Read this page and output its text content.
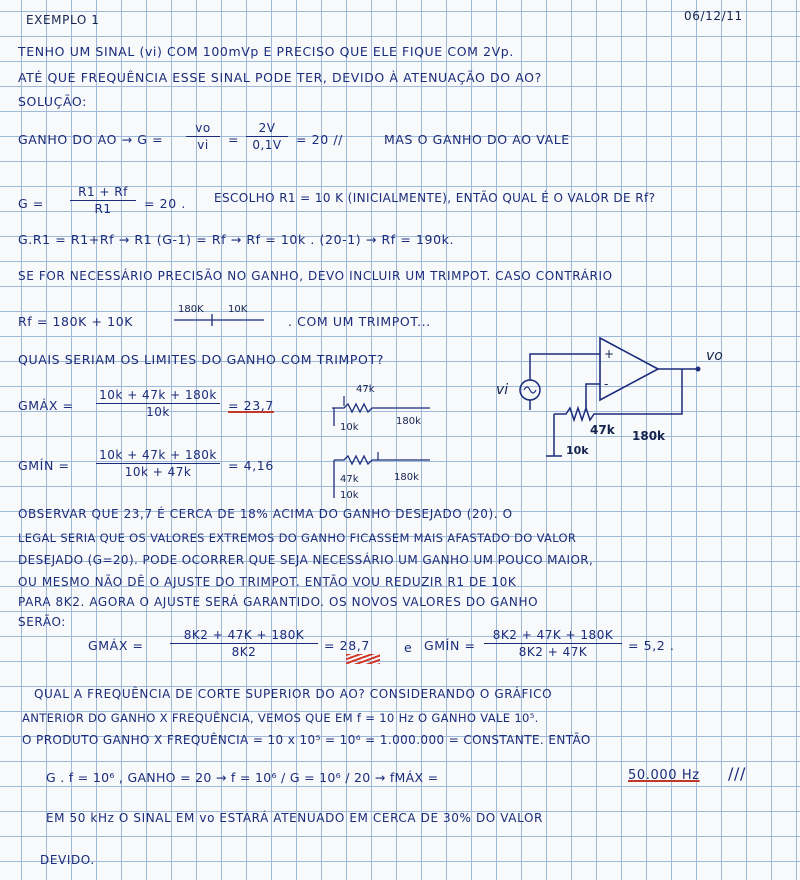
EXEMPLO 1	06/12/11
TENHO UM SINAL (vi) COM 100mVp E PRECISO QUE ELE FIQUE COM 2Vp.
ATÉ QUE FREQUÊNCIA ESSE SINAL PODE TER, DEVIDO À ATENUAÇÃO DO AO?
SOLUÇÃO:
GANHO DO AO → $G = \frac{vo}{vi} = \frac{2V}{0,1V} = 20$ //	MAS O GANHO DO AO VALE
$G = \frac{R1 + Rf}{R1} = 20$ . ESCOLHO R1 = 10 K (INICIALMENTE), ENTÃO QUAL É O VALOR DE Rf?
G.R1 = R1+Rf → R1 (G-1) = Rf → Rf = 10k . (20-1) → Rf = 190k.
SE FOR NECESSÁRIO PRECISÃO NO GANHO, DEVO INCLUIR UM TRIMPOT. CASO CONTRÁRIO
Rf = 180K + 10K
180K 10K
. COM UM TRIMPOT...
QUAIS SERIAM OS LIMITES DO GANHO COM TRIMPOT?
GMÁX = $\frac{10k + 47k + 180k}{10k} = 23,7$
GMÍN = $\frac{10k + 47k + 180k}{10k + 47k} = 4,16$
47k
10k
180k
47k	180k
10k
+
-
vo
vi
47k 180k
10k
OBSERVAR QUE 23,7 É CERCA DE 18% ACIMA DO GANHO DESEJADO (20). O
LEGAL SERIA QUE OS VALORES EXTREMOS DO GANHO FICASSEM MAIS AFASTADO DO VALOR
DESEJADO (G=20). PODE OCORRER QUE SEJA NECESSÁRIO UM GANHO UM POUCO MAIOR,
OU MESMO NÃO DÊ O AJUSTE DO TRIMPOT. ENTÃO VOU REDUZIR R1 DE 10K
PARA 8K2. AGORA O AJUSTE SERÁ GARANTIDO. OS NOVOS VALORES DO GANHO
SERÃO:
GMÁX = $\frac{8K2 + 47K + 180K}{8K2} = 28,7$	e GMÍN = $\frac{8K2 + 47K + 180K}{8K2 + 47K} = 5,2$ .
QUAL A FREQUÊNCIA DE CORTE SUPERIOR DO AO? CONSIDERANDO O GRÁFICO
ANTERIOR DO GANHO X FREQUÊNCIA, VEMOS QUE EM f = 10 Hz O GANHO VALE 10⁵.
O PRODUTO GANHO X FREQUÊNCIA = 10 x 10⁵ = 10⁶ = 1.000.000 = CONSTANTE. ENTÃO
G . f = 10⁶ , GANHO = 20 → f = 10⁶ / G = 10⁶ / 20 → fMÁX =	50.000 Hz ///
EM 50 kHz O SINAL EM vo ESTARÁ ATENUADO EM CERCA DE 30% DO VALOR
DEVIDO.
